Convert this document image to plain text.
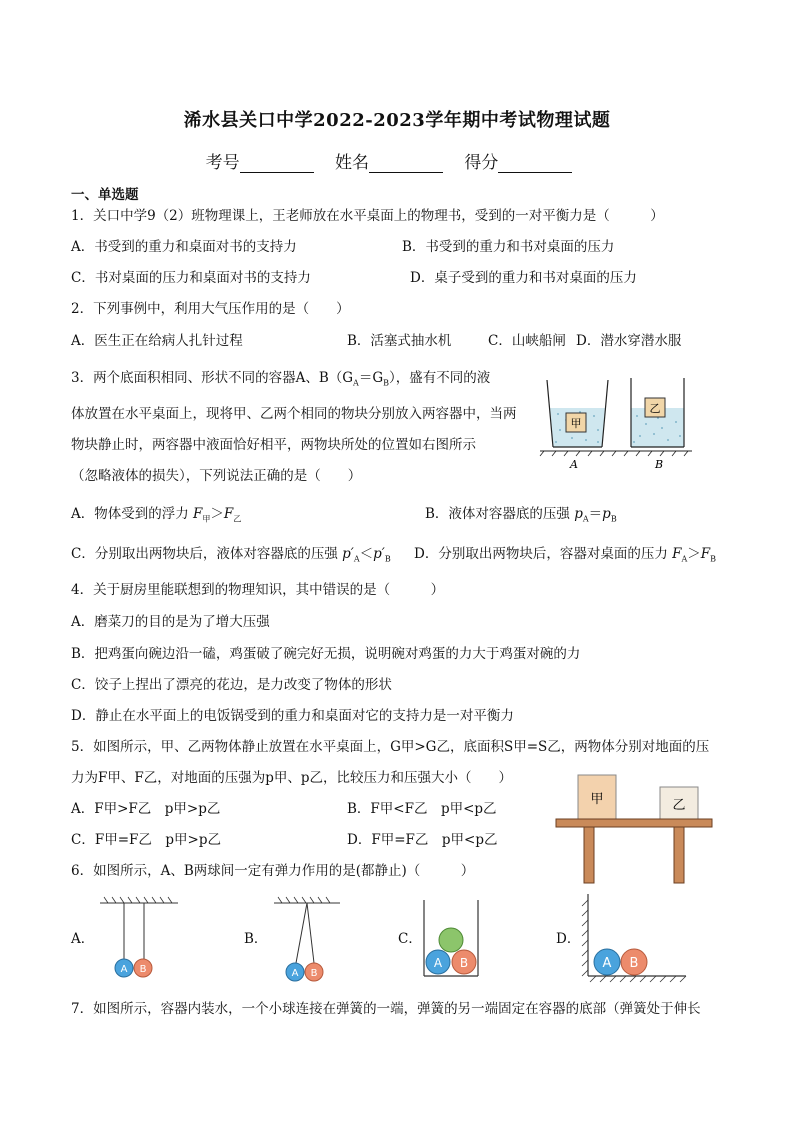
浠水县关口中学2022-2023学年期中考试物理试题
考号	姓名	得分
一、单选题
1．关口中学9（2）班物理课上，王老师放在水平桌面上的物理书，受到的一对平衡力是（　　　）
A．书受到的重力和桌面对书的支持力	B．书受到的重力和书对桌面的压力
C．书对桌面的压力和桌面对书的支持力	D．桌子受到的重力和书对桌面的压力
2．下列事例中，利用大气压作用的是（　　）
A．医生正在给病人扎针过程	B．活塞式抽水机	C．山峡船闸 D．潜水穿潜水服
3．两个底面积相同、形状不同的容器A、$B(G_A=G_B)$，盛有不同的液
体放置在水平桌面上，现将甲、乙两个相同的物块分别放入两容器中，当两
物块静止时，两容器中液面恰好相平，两物块所处的位置如右图所示
（忽略液体的损失），下列说法正确的是（　　）
甲
乙
A	B
A．物体受到的浮力 $F_甲>F_乙$	B．液体对容器底的压强 $p_A=p_B$
C．分别取出两物块后，液体对容器底的压强 $p'_A<p'_B$ D．分别取出两物块后，容器对桌面的压力 $F_A>F_B$
4．关于厨房里能联想到的物理知识，其中错误的是（　　　）
A．磨菜刀的目的是为了增大压强
B．把鸡蛋向碗边沿一磕，鸡蛋破了碗完好无损，说明碗对鸡蛋的力大于鸡蛋对碗的力
C．饺子上捏出了漂亮的花边，是力改变了物体的形状
D．静止在水平面上的电饭锅受到的重力和桌面对它的支持力是一对平衡力
5．如图所示，甲、乙两物体静止放置在水平桌面上，G甲>G乙，底面积S甲=S乙，两物体分别对地面的压
力为F甲、F乙，对地面的压强为p甲、p乙，比较压力和压强大小（　　）
A．F甲>F乙　p甲>p乙	B．F甲<F乙　p甲<p乙
C．F甲=F乙　p甲>p乙	D．F甲=F乙　p甲<p乙
甲	乙
6．如图所示，A、B两球间一定有弹力作用的是(都静止)（　　　）
A．
A B
B．
A B
C．
A B
D．
A B
7．如图所示，容器内装水，一个小球连接在弹簧的一端，弹簧的另一端固定在容器的底部（弹簧处于伸长
